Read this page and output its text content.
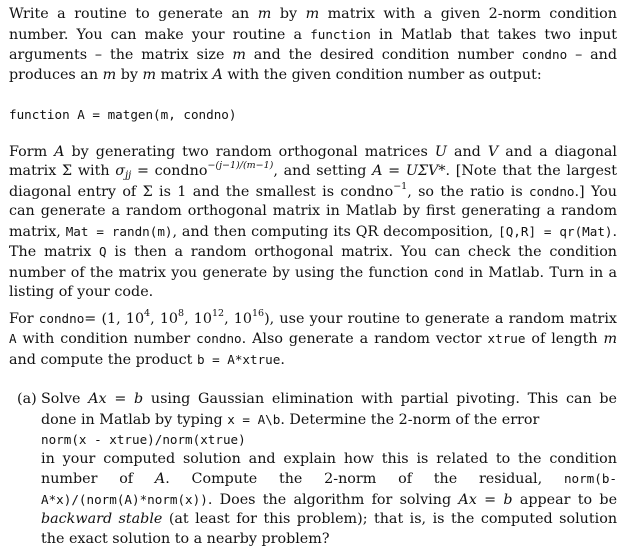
Write a routine to generate an m by m matrix with a given 2-norm condition number. You can make your routine a function in Matlab that takes two input arguments – the matrix size m and the desired condition number condno – and produces an m by m matrix A with the given condition number as output:

function A = matgen(m, condno)

Form A by generating two random orthogonal matrices U and V and a diagonal matrix Σ with $\sigma_{jj}$ = condno$^{-(j-1)/(m-1)}$, and setting A = UΣV*. [Note that the largest diagonal entry of Σ is 1 and the smallest is condno$^{-1}$, so the ratio is condno.] You can generate a random orthogonal matrix in Matlab by first generating a random matrix, Mat = randn(m), and then computing its QR decomposition, [Q,R] = qr(Mat). The matrix Q is then a random orthogonal matrix. You can check the condition number of the matrix you generate by using the function cond in Matlab. Turn in a listing of your code.

For condno= (1, $10^4$, $10^8$, $10^{12}$, $10^{16}$), use your routine to generate a random matrix A with condition number condno. Also generate a random vector xtrue of length m and compute the product b = A*xtrue.

(a) Solve Ax = b using Gaussian elimination with partial pivoting. This can be done in Matlab by typing x = A\b. Determine the 2-norm of the error

norm(x - xtrue)/norm(xtrue)

in your computed solution and explain how this is related to the condition number of A. Compute the 2-norm of the residual, norm(b-A*x)/(norm(A)*norm(x)). Does the algorithm for solving Ax = b appear to be backward stable (at least for this problem); that is, is the computed solution the exact solution to a nearby problem?
